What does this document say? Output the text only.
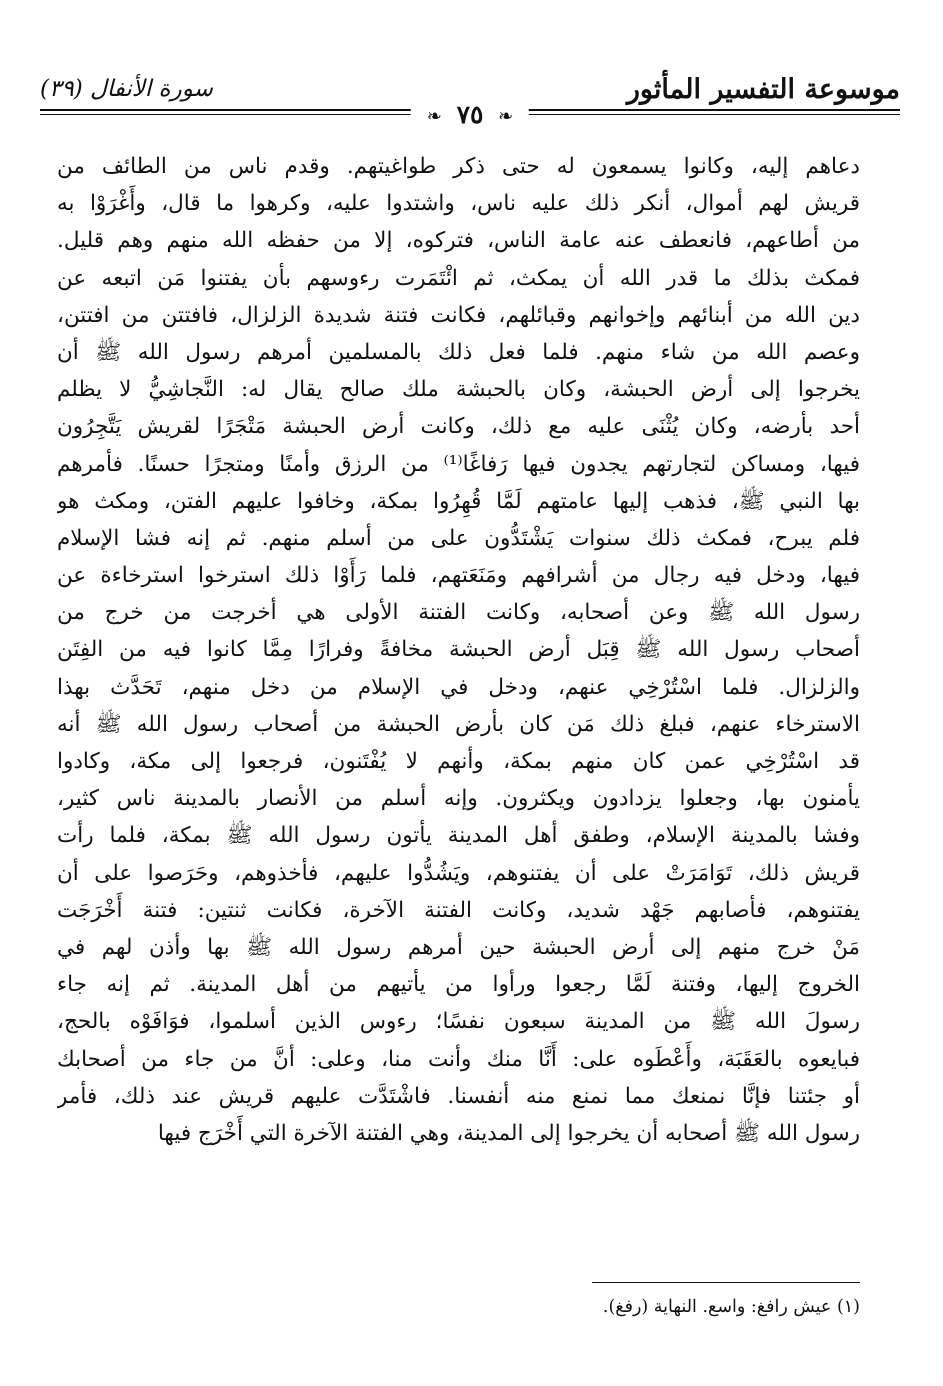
موسوعة التفسير المأثور
سورة الأنفال (٣٩)
❧ ٧٥ ❧
دعاهم إليه، وكانوا يسمعون له حتى ذكر طواغيتهم. وقدم ناس من الطائف من
قريش لهم أموال، أنكر ذلك عليه ناس، واشتدوا عليه، وكرهوا ما قال، وأَغْرَوْا به
من أطاعهم، فانعطف عنه عامة الناس، فتركوه، إلا من حفظه الله منهم وهم قليل.
فمكث بذلك ما قدر الله أن يمكث، ثم ائْتَمَرت رءوسهم بأن يفتنوا مَن اتبعه عن
دين الله من أبنائهم وإخوانهم وقبائلهم، فكانت فتنة شديدة الزلزال، فافتتن من افتتن،
وعصم الله من شاء منهم. فلما فعل ذلك بالمسلمين أمرهم رسول الله ﷺ أن
يخرجوا إلى أرض الحبشة، وكان بالحبشة ملك صالح يقال له: النَّجاشِيُّ لا يظلم
أحد بأرضه، وكان يُثْنَى عليه مع ذلك، وكانت أرض الحبشة مَتْجَرًا لقريش يَتَّجِرُون
فيها، ومساكن لتجارتهم يجدون فيها رَفاغًا⁽¹⁾ من الرزق وأمنًا ومتجرًا حسنًا. فأمرهم
بها النبي ﷺ، فذهب إليها عامتهم لَمَّا قُهِرُوا بمكة، وخافوا عليهم الفتن، ومكث هو
فلم يبرح، فمكث ذلك سنوات يَشْتَدُّون على من أسلم منهم. ثم إنه فشا الإسلام
فيها، ودخل فيه رجال من أشرافهم ومَنَعَتهم، فلما رَأَوْا ذلك استرخوا استرخاءة عن
رسول الله ﷺ وعن أصحابه، وكانت الفتنة الأولى هي أخرجت من خرج من
أصحاب رسول الله ﷺ قِبَل أرض الحبشة مخافةً وفرارًا مِمَّا كانوا فيه من الفِتَن
والزلزال. فلما اسْتُرْخِي عنهم، ودخل في الإسلام من دخل منهم، تَحَدَّث بهذا
الاسترخاء عنهم، فبلغ ذلك مَن كان بأرض الحبشة من أصحاب رسول الله ﷺ أنه
قد اسْتُرْخِي عمن كان منهم بمكة، وأنهم لا يُفْتَنون، فرجعوا إلى مكة، وكادوا
يأمنون بها، وجعلوا يزدادون ويكثرون. وإنه أسلم من الأنصار بالمدينة ناس كثير،
وفشا بالمدينة الإسلام، وطفق أهل المدينة يأتون رسول الله ﷺ بمكة، فلما رأت
قريش ذلك، تَوَامَرَتْ على أن يفتنوهم، ويَشُدُّوا عليهم، فأخذوهم، وحَرَصوا على أن
يفتنوهم، فأصابهم جَهْد شديد، وكانت الفتنة الآخرة، فكانت ثنتين: فتنة أَخْرَجَت
مَنْ خرج منهم إلى أرض الحبشة حين أمرهم رسول الله ﷺ بها وأذن لهم في
الخروج إليها، وفتنة لَمَّا رجعوا ورأوا من يأتيهم من أهل المدينة. ثم إنه جاء
رسولَ الله ﷺ من المدينة سبعون نفسًا؛ رءوس الذين أسلموا، فوَافَوْه بالحج،
فبايعوه بالعَقَبَة، وأَعْطَوه على: أَنَّا منك وأنت منا، وعلى: أنَّ من جاء من أصحابك
أو جئتنا فإنَّا نمنعك مما نمنع منه أنفسنا. فاشْتَدَّت عليهم قريش عند ذلك، فأمر
رسول الله ﷺ أصحابه أن يخرجوا إلى المدينة، وهي الفتنة الآخرة التي أَخْرَج فيها
(١) عيش رافغ: واسع. النهاية (رفغ).
